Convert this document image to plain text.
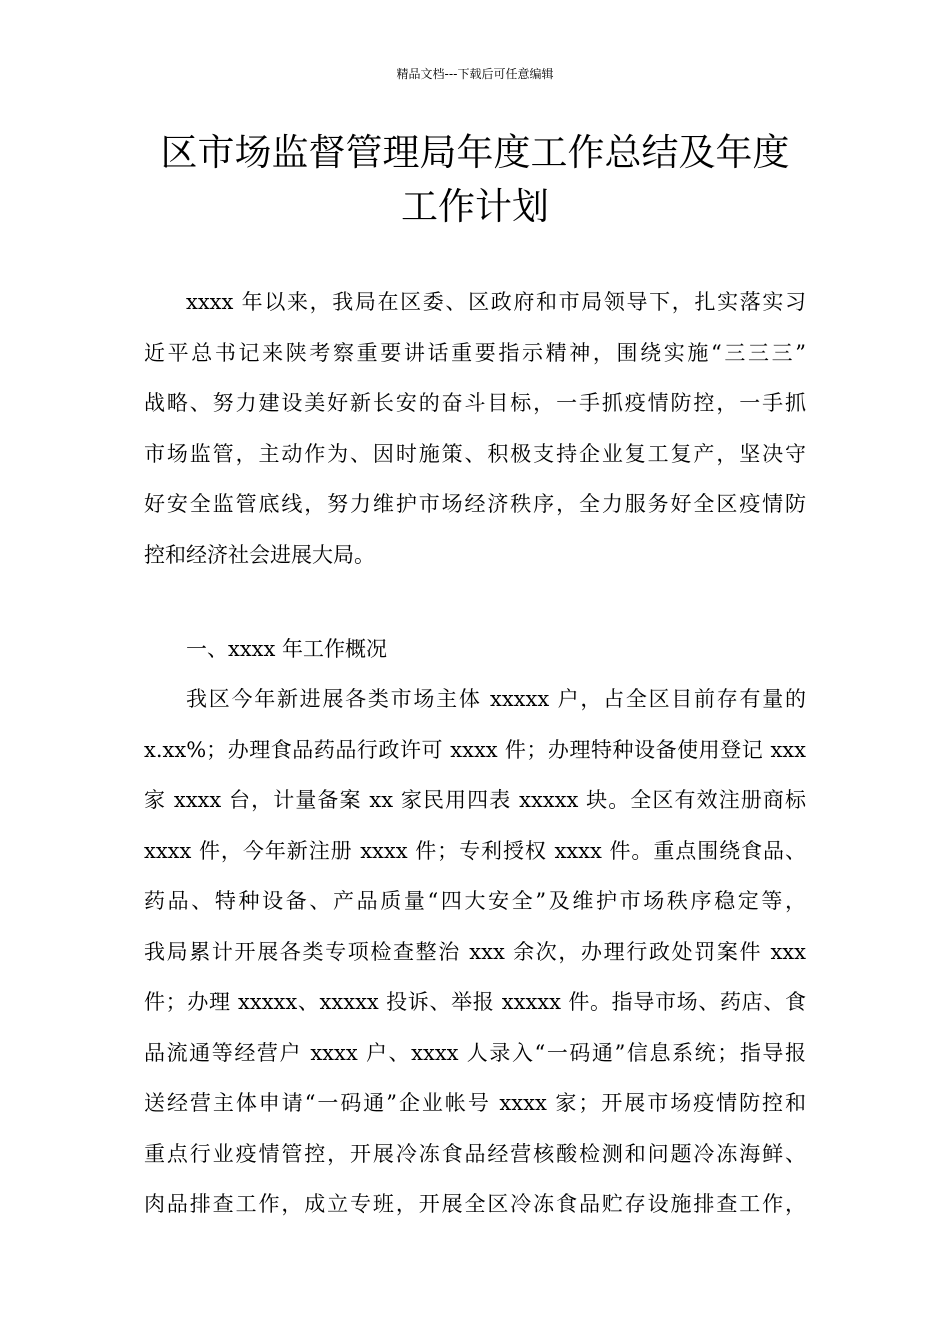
精品文档---下载后可任意编辑
区市场监督管理局年度工作总结及年度
工作计划
xxxx 年以来，我局在区委、区政府和市局领导下，扎实落实习
近平总书记来陕考察重要讲话重要指示精神，围绕实施“三三三”
战略、努力建设美好新长安的奋斗目标，一手抓疫情防控，一手抓
市场监管，主动作为、因时施策、积极支持企业复工复产，坚决守
好安全监管底线，努力维护市场经济秩序，全力服务好全区疫情防
控和经济社会进展大局。
一、xxxx 年工作概况
我区今年新进展各类市场主体 xxxxx 户，占全区目前存有量的
x.xx%；办理食品药品行政许可 xxxx 件；办理特种设备使用登记 xxx
家 xxxx 台，计量备案 xx 家民用四表 xxxxx 块。全区有效注册商标
xxxx 件，今年新注册 xxxx 件；专利授权 xxxx 件。重点围绕食品、
药品、特种设备、产品质量“四大安全”及维护市场秩序稳定等，
我局累计开展各类专项检查整治 xxx 余次，办理行政处罚案件 xxx
件；办理 xxxxx、xxxxx 投诉、举报 xxxxx 件。指导市场、药店、食
品流通等经营户 xxxx 户、xxxx 人录入“一码通”信息系统；指导报
送经营主体申请“一码通”企业帐号 xxxx 家；开展市场疫情防控和
重点行业疫情管控，开展冷冻食品经营核酸检测和问题冷冻海鲜、
肉品排查工作，成立专班，开展全区冷冻食品贮存设施排查工作，
